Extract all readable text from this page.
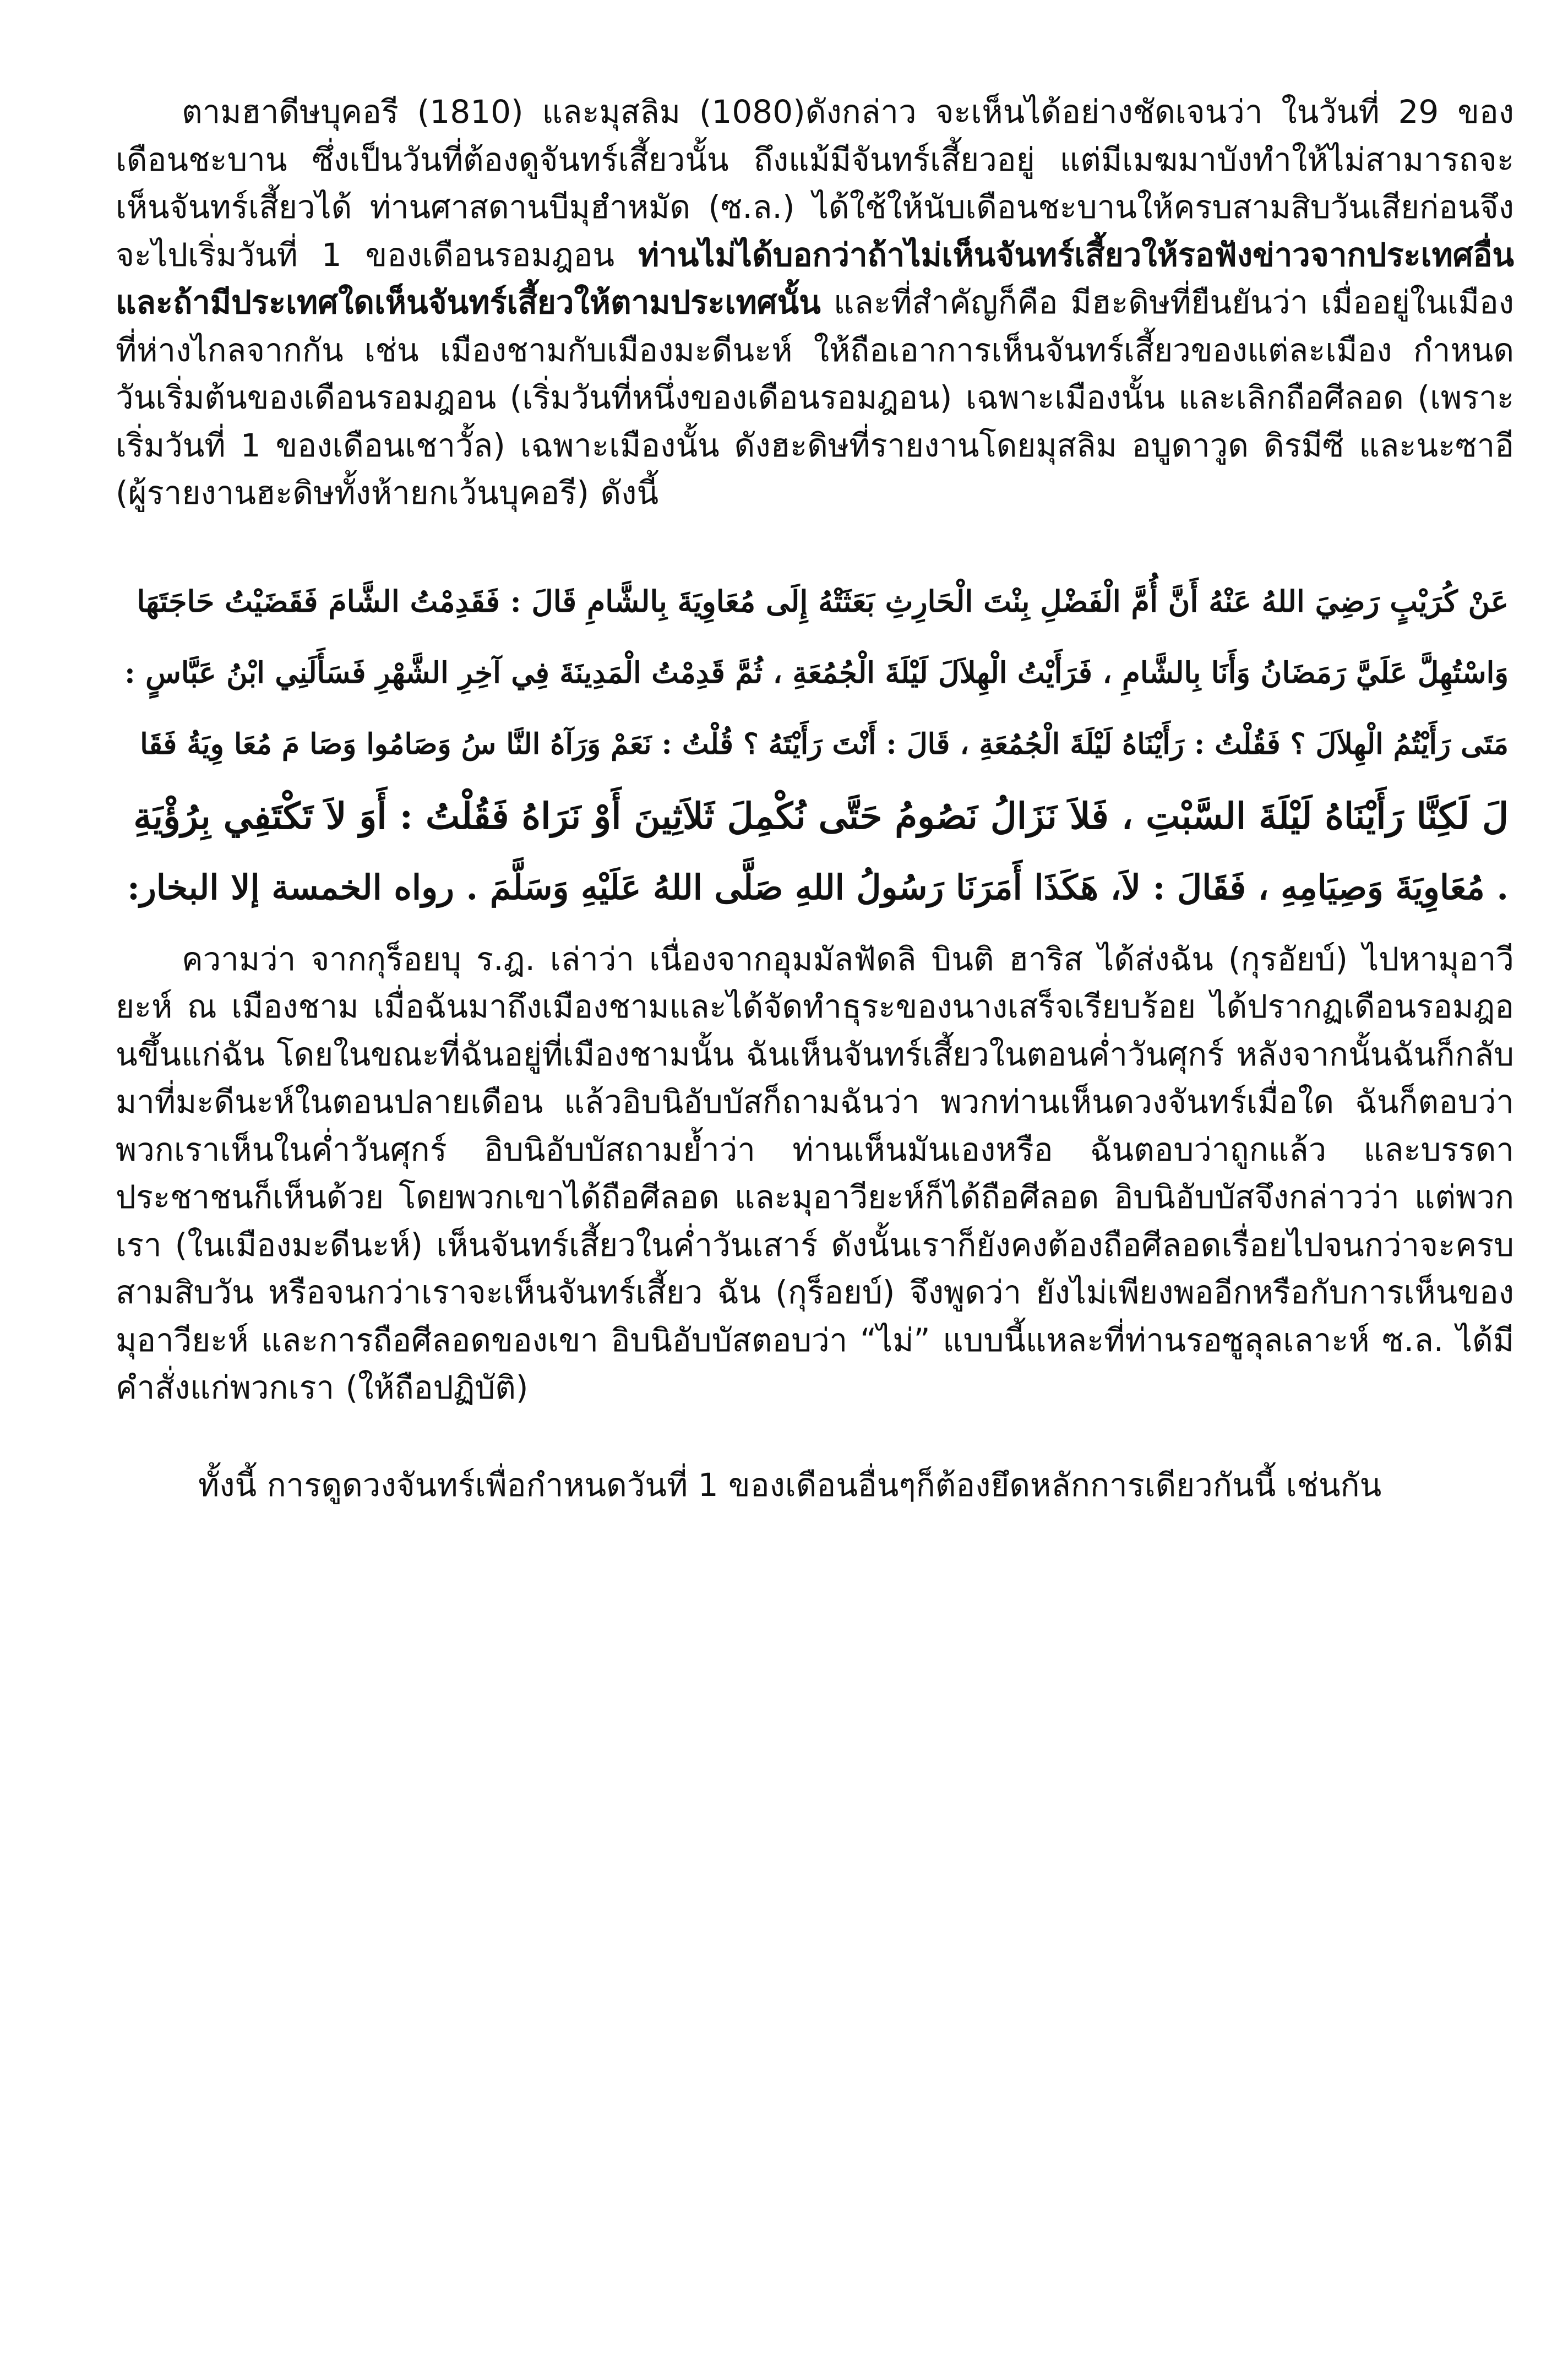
ตามฮาดีษบุคอรี (1810) และมุสลิม (1080)ดังกล่าว จะเห็นได้อย่างชัดเจนว่า ในวันที่ 29 ของเดือนชะบาน ซึ่งเป็นวันที่ต้องดูจันทร์เสี้ยวนั้น ถึงแม้มีจันทร์เสี้ยวอยู่ แต่มีเมฆมาบังทำให้ไม่สามารถจะเห็นจันทร์เสี้ยวได้ ท่านศาสดานบีมุฮำหมัด (ซ.ล.) ได้ใช้ให้นับเดือนชะบานให้ครบสามสิบวันเสียก่อนจึงจะไปเริ่มวันที่ 1 ของเดือนรอมฎอน ท่านไม่ได้บอกว่าถ้าไม่เห็นจันทร์เสี้ยวให้รอฟังข่าวจากประเทศอื่น และถ้ามีประเทศใดเห็นจันทร์เสี้ยวให้ตามประเทศนั้น และที่สำคัญก็คือ มีฮะดิษที่ยืนยันว่า เมื่ออยู่ในเมืองที่ห่างไกลจากกัน เช่น เมืองชามกับเมืองมะดีนะห์ ให้ถือเอาการเห็นจันทร์เสี้ยวของแต่ละเมือง กำหนด วันเริ่มต้นของเดือนรอมฎอน (เริ่มวันที่หนึ่งของเดือนรอมฎอน) เฉพาะเมืองนั้น และเลิกถือศีลอด (เพราะเริ่มวันที่ 1 ของเดือนเชาวั้ล) เฉพาะเมืองนั้น ดังฮะดิษที่รายงานโดยมุสลิม อบูดาวูด ดิรมีซี และนะซาอี (ผู้รายงานฮะดิษทั้งห้ายกเว้นบุคอรี) ดังนี้

عَنْ كُرَيْبٍ رَضِيَ اللهُ عَنْهُ أَنَّ أُمَّ الْفَضْلِ بِنْتَ الْحَارِثِ بَعَثَتْهُ إِلَى مُعَاوِيَةَ بِالشَّامِ قَالَ : فَقَدِمْتُ الشَّامَ فَقَضَيْتُ حَاجَتَهَا
وَاسْتُهِلَّ عَلَيَّ رَمَضَانُ وَأَنَا بِالشَّامِ ، فَرَأَيْتُ الْهِلاَلَ لَيْلَةَ الْجُمُعَةِ ، ثُمَّ قَدِمْتُ الْمَدِينَةَ فِي آخِرِ الشَّهْرِ فَسَأَلَنِي ابْنُ عَبَّاسٍ :
مَتَى رَأَيْتُمُ الْهِلاَلَ ؟ فَقُلْتُ : رَأَيْنَاهُ لَيْلَةَ الْجُمُعَةِ ، قَالَ : أَنْتَ رَأَيْتَهُ ؟ قُلْتُ : نَعَمْ وَرَآهُ النَّا سُ وَصَامُوا وَصَا مَ مُعَا وِيَةُ فَقَا
لَ لَكِنَّا رَأَيْنَاهُ لَيْلَةَ السَّبْتِ ، فَلاَ نَزَالُ نَصُومُ حَتَّى نُكْمِلَ ثَلاَثِينَ أَوْ نَرَاهُ فَقُلْتُ : أَوَ لاَ تَكْتَفِي بِرُؤْيَةِ
. مُعَاوِيَةَ وَصِيَامِهِ ، فَقَالَ : لاَ، هَكَذَا أَمَرَنَا رَسُولُ اللهِ صَلَّى اللهُ عَلَيْهِ وَسَلَّمَ . رواه الخمسة إلا البخار:

ความว่า จากกุร็อยบุ ร.ฎ. เล่าว่า เนื่องจากอุมมัลฟัดลิ บินติ ฮาริส ได้ส่งฉัน (กุรอัยบ์) ไปหามุอาวียะห์ ณ เมืองชาม เมื่อฉันมาถึงเมืองชามและได้จัดทำธุระของนางเสร็จเรียบร้อย ได้ปรากฏเดือนรอมฎอนขึ้นแก่ฉัน โดยในขณะที่ฉันอยู่ที่เมืองชามนั้น ฉันเห็นจันทร์เสี้ยวในตอนค่ำวันศุกร์ หลังจากนั้นฉันก็กลับมาที่มะดีนะห์ในตอนปลายเดือน แล้วอิบนิอับบัสก็ถามฉันว่า พวกท่านเห็นดวงจันทร์เมื่อใด ฉันก็ตอบว่า พวกเราเห็นในค่ำวันศุกร์ อิบนิอับบัสถามย้ำว่า ท่านเห็นมันเองหรือ ฉันตอบว่าถูกแล้ว และบรรดาประชาชนก็เห็นด้วย โดยพวกเขาได้ถือศีลอด และมุอาวียะห์ก็ได้ถือศีลอด อิบนิอับบัสจึงกล่าวว่า แต่พวกเรา (ในเมืองมะดีนะห์) เห็นจันทร์เสี้ยวในค่ำวันเสาร์ ดังนั้นเราก็ยังคงต้องถือศีลอดเรื่อยไปจนกว่าจะครบสามสิบวัน หรือจนกว่าเราจะเห็นจันทร์เสี้ยว ฉัน (กุร็อยบ์) จึงพูดว่า ยังไม่เพียงพออีกหรือกับการเห็นของมุอาวียะห์ และการถือศีลอดของเขา อิบนิอับบัสตอบว่า “ไม่” แบบนี้แหละที่ท่านรอซูลุลเลาะห์ ซ.ล. ได้มีคำสั่งแก่พวกเรา (ให้ถือปฏิบัติ)

ทั้งนี้ การดูดวงจันทร์เพื่อกำหนดวันที่ 1 ของเดือนอื่นๆก็ต้องยึดหลักการเดียวกันนี้ เช่นกัน
